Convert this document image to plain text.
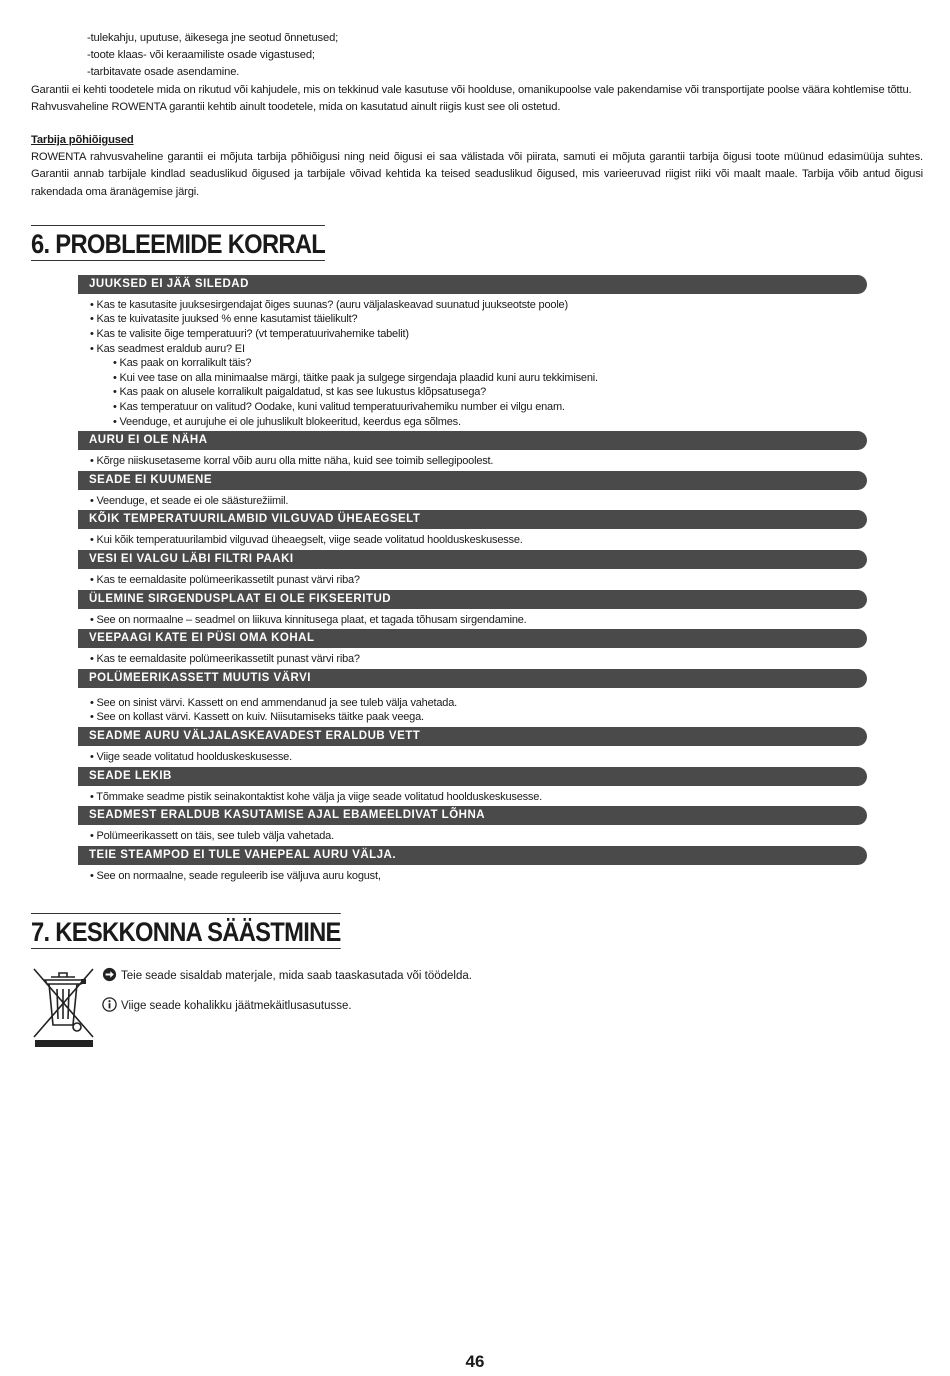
-tulekahju, uputuse, äikesega jne seotud õnnetused;
-toote klaas- või keraamiliste osade vigastused;
-tarbitavate osade asendamine.
Garantii ei kehti toodetele mida on rikutud või kahjudele, mis on tekkinud vale kasutuse või hoolduse, omanikupoolse vale pakendamise või transportijate poolse väära kohtlemise tõttu.
Rahvusvaheline ROWENTA garantii kehtib ainult toodetele, mida on kasutatud ainult riigis kust see oli ostetud.
Tarbija põhiõigused
ROWENTA rahvusvaheline garantii ei mõjuta tarbija põhiõigusi ning neid õigusi ei saa välistada või piirata, samuti ei mõjuta garantii tarbija õigusi toote müünud edasimüüja suhtes. Garantii annab tarbijale kindlad seaduslikud õigused ja tarbijale võivad kehtida ka teised seaduslikud õigused, mis varieeruvad riigist riiki või maalt maale. Tarbija võib antud õigusi rakendada oma äranägemise järgi.
6. PROBLEEMIDE KORRAL
JUUKSED EI JÄÄ SILEDAD
• Kas te kasutasite juuksesirgendajat õiges suunas? (auru väljalaskeavad suunatud juukseotste poole)
• Kas te kuivatasite juuksed % enne kasutamist täielikult?
• Kas te valisite õige temperatuuri? (vt temperatuurivahemike tabelit)
• Kas seadmest eraldub auru? EI
• Kas paak on korralikult täis?
• Kui vee tase on alla minimaalse märgi, täitke paak ja sulgege sirgendaja plaadid kuni auru tekkimiseni.
• Kas paak on alusele korralikult paigaldatud, st kas see lukustus klõpsatusega?
• Kas temperatuur on valitud? Oodake, kuni valitud temperatuurivahemiku number ei vilgu enam.
• Veenduge, et aurujuhe ei ole juhuslikult blokeeritud, keerdus ega sõlmes.
AURU EI OLE NÄHA
• Kõrge niiskusetaseme korral võib auru olla mitte näha, kuid see toimib sellegipoolest.
SEADE EI KUUMENE
• Veenduge, et seade ei ole säästurežiimil.
KÕIK TEMPERATUURILAMBID VILGUVAD ÜHEAEGSELT
• Kui kõik temperatuurilambid vilguvad üheaegselt, viige seade volitatud hoolduskeskusesse.
VESI EI VALGU LÄBI FILTRI PAAKI
• Kas te eemaldasite polümeerikassetilt punast värvi riba?
ÜLEMINE SIRGENDUSPLAAT EI OLE FIKSEERITUD
• See on normaalne – seadmel on liikuva kinnitusega plaat, et tagada tõhusam sirgendamine.
VEEPAAGI KATE EI PÜSI OMA KOHAL
• Kas te eemaldasite polümeerikassetilt punast värvi riba?
POLÜMEERIKASSETT MUUTIS VÄRVI
• See on sinist värvi. Kassett on end ammendanud ja see tuleb välja vahetada.
• See on kollast värvi. Kassett on kuiv. Niisutamiseks täitke paak veega.
SEADME AURU VÄLJALASKEAVADEST ERALDUB VETT
• Viige seade volitatud hoolduskeskusesse.
SEADE LEKIB
• Tõmmake seadme pistik seinakontaktist kohe välja ja viige seade volitatud hoolduskeskusesse.
SEADMEST ERALDUB KASUTAMISE AJAL EBAMEELDIVAT LÕHNA
• Polümeerikassett on täis, see tuleb välja vahetada.
TEIE STEAMPOD EI TULE VAHEPEAL AURU VÄLJA.
• See on normaalne, seade reguleerib ise väljuva auru kogust,
7. KESKKONNA SÄÄSTMINE
Teie seade sisaldab materjale, mida saab taaskasutada või töödelda.
Viige seade kohalikku jäätmekäitlusasutusse.
46
